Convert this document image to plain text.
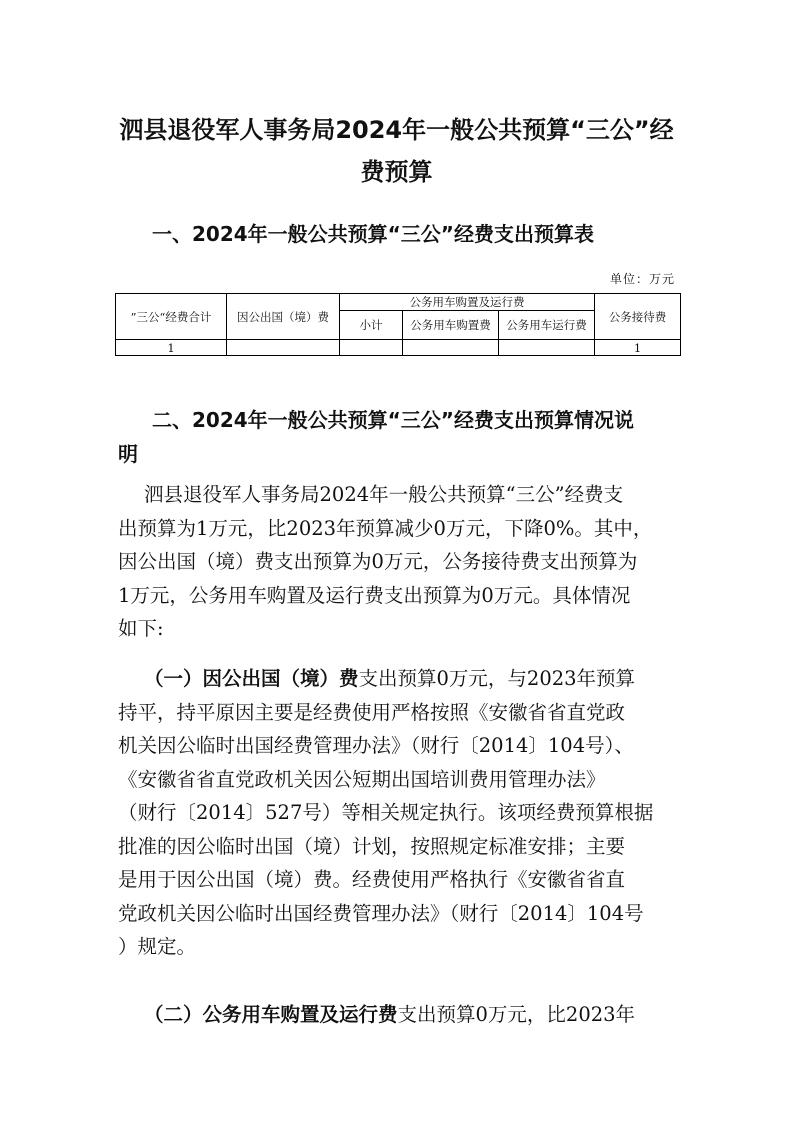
泗县退役军人事务局2024年一般公共预算“三公”经
费预算
一、2024年一般公共预算“三公”经费支出预算表
单位：万元
”三公“经费合计	因公出国（境）费	公务用车购置及运行费			公务接待费
		小计	公务用车购置费	公务用车运行费	
1					1
二、2024年一般公共预算“三公”经费支出预算情况说
明

泗县退役军人事务局2024年一般公共预算“三公”经费支
出预算为1万元，比2023年预算减少0万元，下降0%。其中，
因公出国（境）费支出预算为0万元，公务接待费支出预算为
1万元，公务用车购置及运行费支出预算为0万元。具体情况
如下:

（一）因公出国（境）费支出预算0万元，与2023年预算
持平，持平原因主要是经费使用严格按照《安徽省省直党政
机关因公临时出国经费管理办法》（财行〔2014〕104号）、
《安徽省省直党政机关因公短期出国培训费用管理办法》
（财行〔2014〕527号）等相关规定执行。该项经费预算根据
批准的因公临时出国（境）计划，按照规定标准安排；主要
是用于因公出国（境）费。经费使用严格执行《安徽省省直
党政机关因公临时出国经费管理办法》（财行〔2014〕104号
）规定。

（二）公务用车购置及运行费支出预算0万元，比2023年
